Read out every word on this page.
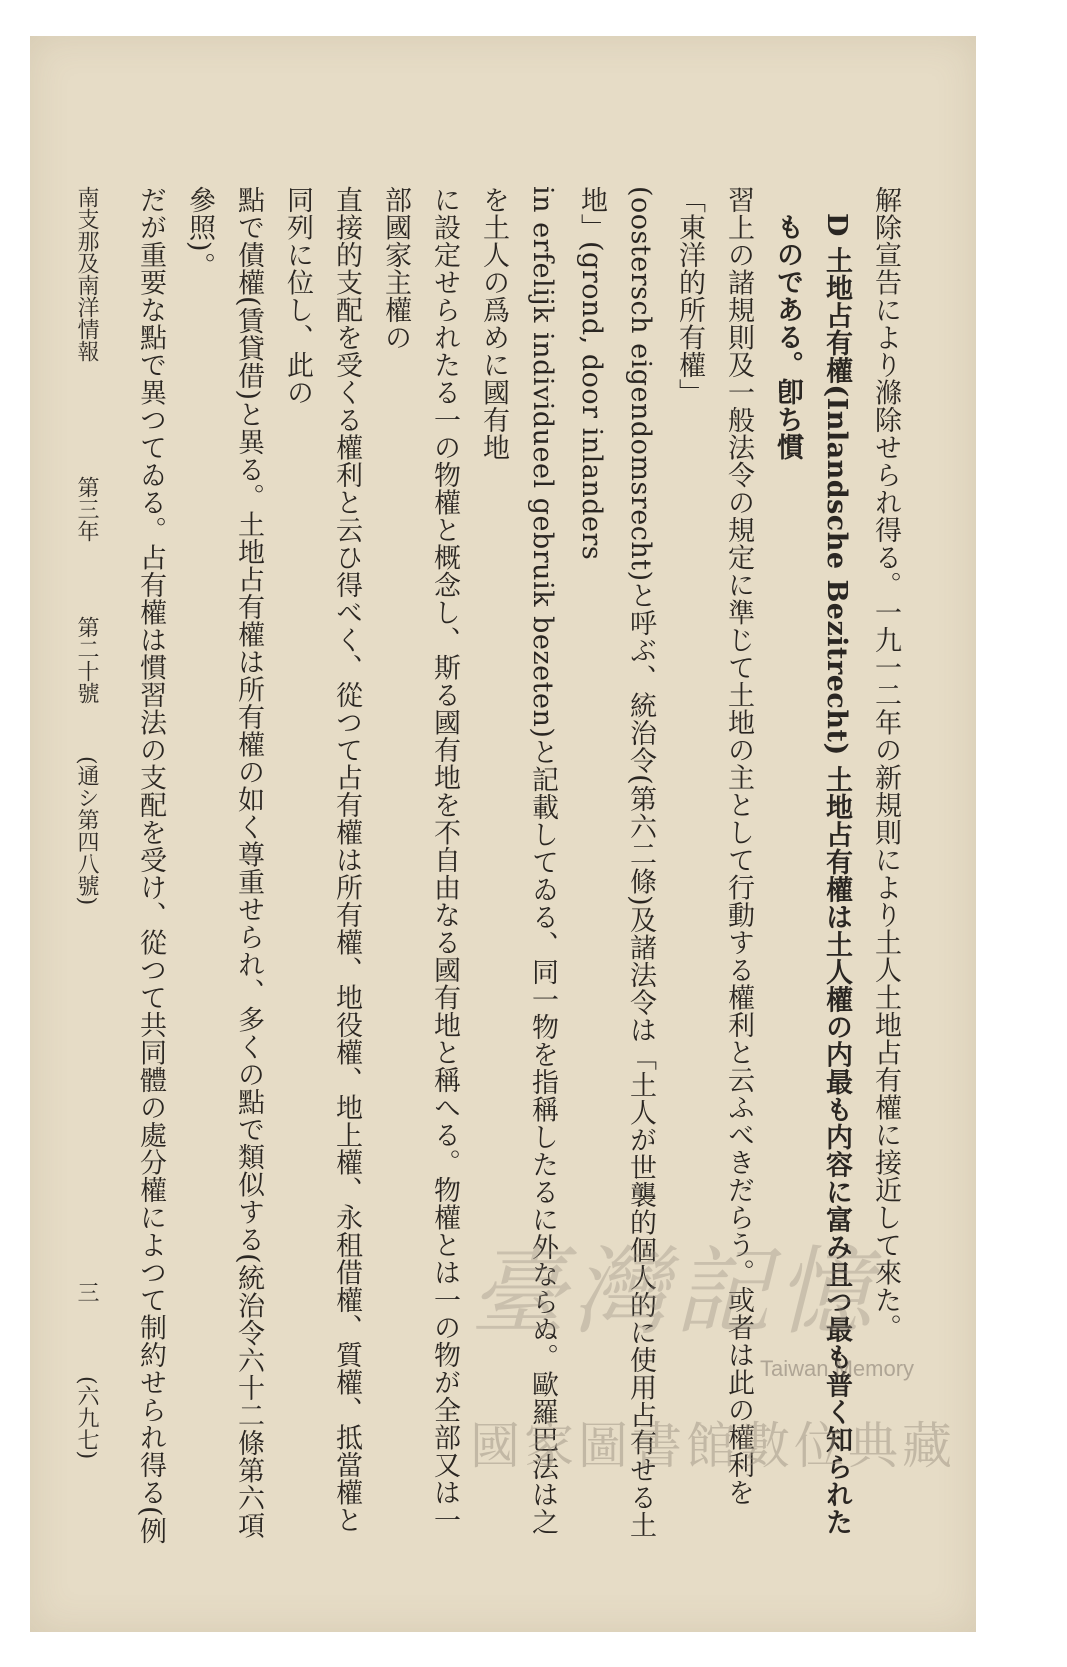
解除宣告により滌除せられ得る。一九一二年の新規則により土人土地占有權に接近して來た。

D 土地占有權(Inlandsche Bezitrecht) 土地占有權は土人權の内最も内容に富み且つ最も普く知られたものである。卽ち慣

習上の諸規則及一般法令の規定に準じて土地の主として行動する權利と云ふべきだらう。或者は此の權利を「東洋的所有權」

(oostersch eigendomsrecht)と呼ぶ、統治令(第六二條)及諸法令は「土人が世襲的個人的に使用占有せる土地」(grond, door inlanders

in erfelijk individueel gebruik bezeten)と記載してゐる、同一物を指稱したるに外ならぬ。歐羅巴法は之を土人の爲めに國有地

に設定せられたる一の物權と概念し、斯る國有地を不自由なる國有地と稱へる。物權とは一の物が全部又は一部國家主權の

直接的支配を受くる權利と云ひ得べく、從つて占有權は所有權、地役權、地上權、永租借權、質權、抵當權と同列に位し、此の

點で債權(賃貸借)と異る。土地占有權は所有權の如く尊重せられ、多くの點で類似する(統治令六十二條第六項參照)。

だが重要な點で異つてゐる。占有權は慣習法の支配を受け、從つて共同體の處分權によつて制約せられ得る(例

南支那及南洋情報
第三年
第二十號
(通シ第四八號)
三
(六九七)
臺灣記憶
Taiwan Memory
國家圖書館數位典藏
